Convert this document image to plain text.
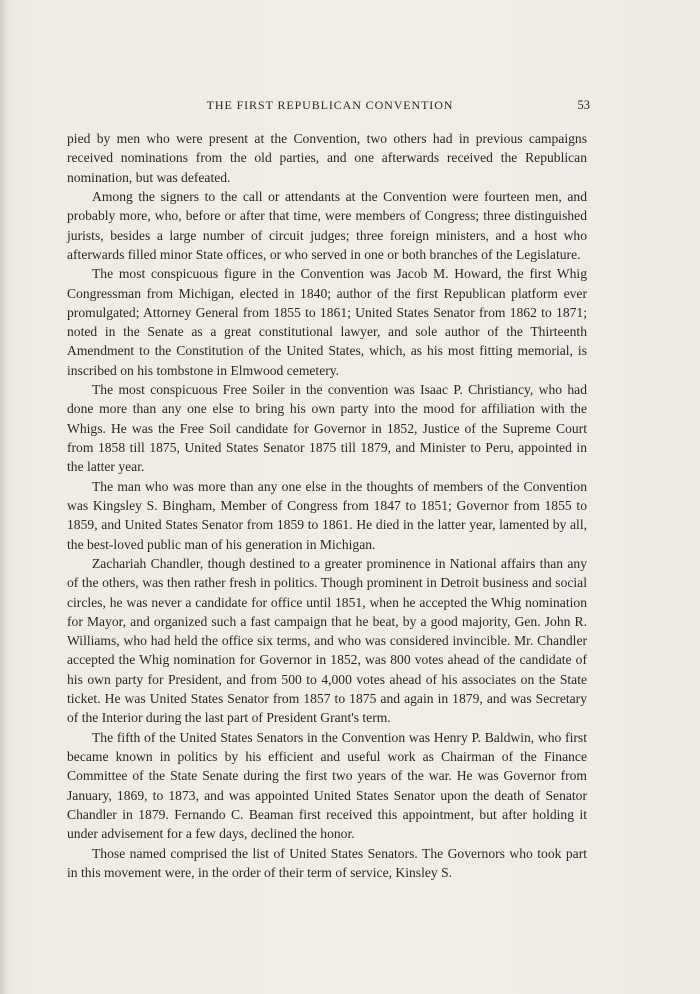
THE FIRST REPUBLICAN CONVENTION	53

pied by men who were present at the Convention, two others had in previous campaigns received nominations from the old parties, and one afterwards received the Republican nomination, but was defeated.

Among the signers to the call or attendants at the Convention were fourteen men, and probably more, who, before or after that time, were members of Congress; three distinguished jurists, besides a large number of circuit judges; three foreign ministers, and a host who afterwards filled minor State offices, or who served in one or both branches of the Legislature.

The most conspicuous figure in the Convention was Jacob M. Howard, the first Whig Congressman from Michigan, elected in 1840; author of the first Republican platform ever promulgated; Attorney General from 1855 to 1861; United States Senator from 1862 to 1871; noted in the Senate as a great constitutional lawyer, and sole author of the Thirteenth Amendment to the Constitution of the United States, which, as his most fitting memorial, is inscribed on his tombstone in Elmwood cemetery.

The most conspicuous Free Soiler in the convention was Isaac P. Christiancy, who had done more than any one else to bring his own party into the mood for affiliation with the Whigs. He was the Free Soil candidate for Governor in 1852, Justice of the Supreme Court from 1858 till 1875, United States Senator 1875 till 1879, and Minister to Peru, appointed in the latter year.

The man who was more than any one else in the thoughts of members of the Convention was Kingsley S. Bingham, Member of Congress from 1847 to 1851; Governor from 1855 to 1859, and United States Senator from 1859 to 1861. He died in the latter year, lamented by all, the best-loved public man of his generation in Michigan.

Zachariah Chandler, though destined to a greater prominence in National affairs than any of the others, was then rather fresh in politics. Though prominent in Detroit business and social circles, he was never a candidate for office until 1851, when he accepted the Whig nomination for Mayor, and organized such a fast campaign that he beat, by a good majority, Gen. John R. Williams, who had held the office six terms, and who was considered invincible. Mr. Chandler accepted the Whig nomination for Governor in 1852, was 800 votes ahead of the candidate of his own party for President, and from 500 to 4,000 votes ahead of his associates on the State ticket. He was United States Senator from 1857 to 1875 and again in 1879, and was Secretary of the Interior during the last part of President Grant's term.

The fifth of the United States Senators in the Convention was Henry P. Baldwin, who first became known in politics by his efficient and useful work as Chairman of the Finance Committee of the State Senate during the first two years of the war. He was Governor from January, 1869, to 1873, and was appointed United States Senator upon the death of Senator Chandler in 1879. Fernando C. Beaman first received this appointment, but after holding it under advisement for a few days, declined the honor.

Those named comprised the list of United States Senators. The Governors who took part in this movement were, in the order of their term of service, Kinsley S.
